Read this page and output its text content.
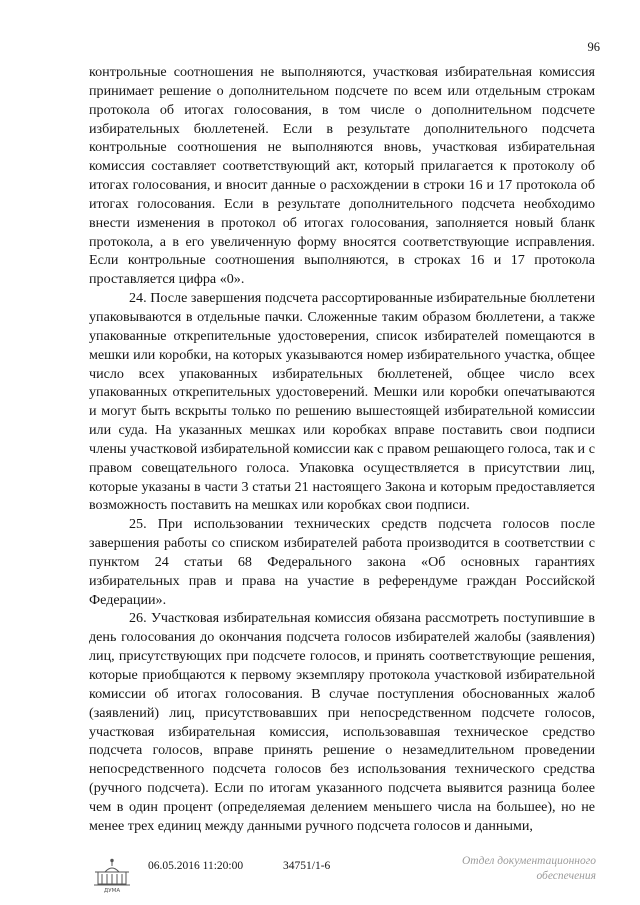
96

контрольные соотношения не выполняются, участковая избирательная комиссия принимает решение о дополнительном подсчете по всем или отдельным строкам протокола об итогах голосования, в том числе о дополнительном подсчете избирательных бюллетеней. Если в результате дополнительного подсчета контрольные соотношения не выполняются вновь, участковая избирательная комиссия составляет соответствующий акт, который прилагается к протоколу об итогах голосования, и вносит данные о расхождении в строки 16 и 17 протокола об итогах голосования. Если в результате дополнительного подсчета необходимо внести изменения в протокол об итогах голосования, заполняется новый бланк протокола, а в его увеличенную форму вносятся соответствующие исправления. Если контрольные соотношения выполняются, в строках 16 и 17 протокола проставляется цифра «0».

24. После завершения подсчета рассортированные избирательные бюллетени упаковываются в отдельные пачки. Сложенные таким образом бюллетени, а также упакованные открепительные удостоверения, список избирателей помещаются в мешки или коробки, на которых указываются номер избирательного участка, общее число всех упакованных избирательных бюллетеней, общее число всех упакованных открепительных удостоверений. Мешки или коробки опечатываются и могут быть вскрыты только по решению вышестоящей избирательной комиссии или суда. На указанных мешках или коробках вправе поставить свои подписи члены участковой избирательной комиссии как с правом решающего голоса, так и с правом совещательного голоса. Упаковка осуществляется в присутствии лиц, которые указаны в части 3 статьи 21 настоящего Закона и которым предоставляется возможность поставить на мешках или коробках свои подписи.

25. При использовании технических средств подсчета голосов после завершения работы со списком избирателей работа производится в соответствии с пунктом 24 статьи 68 Федерального закона «Об основных гарантиях избирательных прав и права на участие в референдуме граждан Российской Федерации».

26. Участковая избирательная комиссия обязана рассмотреть поступившие в день голосования до окончания подсчета голосов избирателей жалобы (заявления) лиц, присутствующих при подсчете голосов, и принять соответствующие решения, которые приобщаются к первому экземпляру протокола участковой избирательной комиссии об итогах голосования. В случае поступления обоснованных жалоб (заявлений) лиц, присутствовавших при непосредственном подсчете голосов, участковая избирательная комиссия, использовавшая техническое средство подсчета голосов, вправе принять решение о незамедлительном проведении непосредственного подсчета голосов без использования технического средства (ручного подсчета). Если по итогам указанного подсчета выявится разница более чем в один процент (определяемая делением меньшего числа на большее), но не менее трех единиц между данными ручного подсчета голосов и данными,

ДУМА
06.05.2016 11:20:00	34751/1-6	Отдел документационного
обеспечения
